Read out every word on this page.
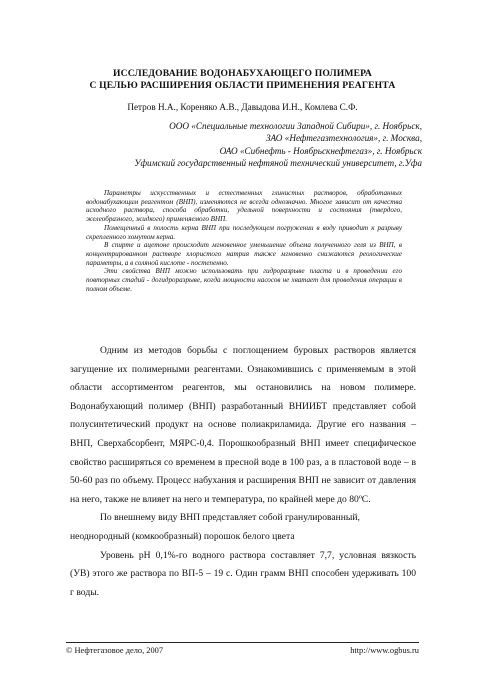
ИССЛЕДОВАНИЕ ВОДОНАБУХАЮЩЕГО ПОЛИМЕРА
С ЦЕЛЬЮ РАСШИРЕНИЯ ОБЛАСТИ ПРИМЕНЕНИЯ РЕАГЕНТА
Петров Н.А., Кореняко А.В., Давыдова И.Н., Комлева С.Ф.
ООО «Специальные технологии Западной Сибири», г. Ноябрьск,
ЗАО «Нефтегазтехнология», г. Москва,
ОАО «Сибнефть - Ноябрьскнефтегаз», г. Ноябрьск
Уфимский государственный нефтяной технический университет, г.Уфа

Параметры искусственных и естественных глинистых растворов, обработанных водонабухающим реагентом (ВНП), изменяются не всегда однозначно. Многое зависит от качества исходного раствора, способа обработки, удельной поверхности и состояния (твердого, желеобразного, жидкого) применяемого ВНП.

Помещенный в полость керна ВНП при последующем погружении в воду приводит к разрыву скрепленного хомутом керна.

В спирте и ацетоне происходит мгновенное уменьшение объема полученного геля из ВНП, в концентрированном растворе хлористого натрия также мгновенно снижаются реологические параметры, а в соляной кислоте - постепенно.

Эти свойства ВНП можно использовать при гидроразрыве пласта и в проведении его повторных стадий - догидроразрыве, когда мощности насосов не хватает для проведения операции в полном объеме.

Одним из методов борьбы с поглощением буровых растворов является загущение их полимерными реагентами. Ознакомившись с применяемым в этой области ассортиментом реагентов, мы остановились на новом полимере. Водонабухающий полимер (ВНП) разработанный ВНИИБТ представляет собой полусинтетический продукт на основе полиакриламида. Другие его названия – ВНП, Сверхабсорбент, МЯРС-0,4. Порошкообразный ВНП имеет специфическое свойство расширяться со временем в пресной воде в 100 раз, а в пластовой воде – в 50-60 раз по объему. Процесс набухания и расширения ВНП не зависит от давления на него, также не влияет на него и температура, по крайней мере до 80ºC.

По внешнему виду ВНП представляет собой гранулированный, неоднородный (комкообразный) порошок белого цвета

Уровень рН 0,1%-го водного раствора составляет 7,7, условная вязкость (УВ) этого же раствора по ВП-5 – 19 с. Один грамм ВНП способен удерживать 100 г воды.

© Нефтегазовое дело, 2007	http://www.ogbus.ru
